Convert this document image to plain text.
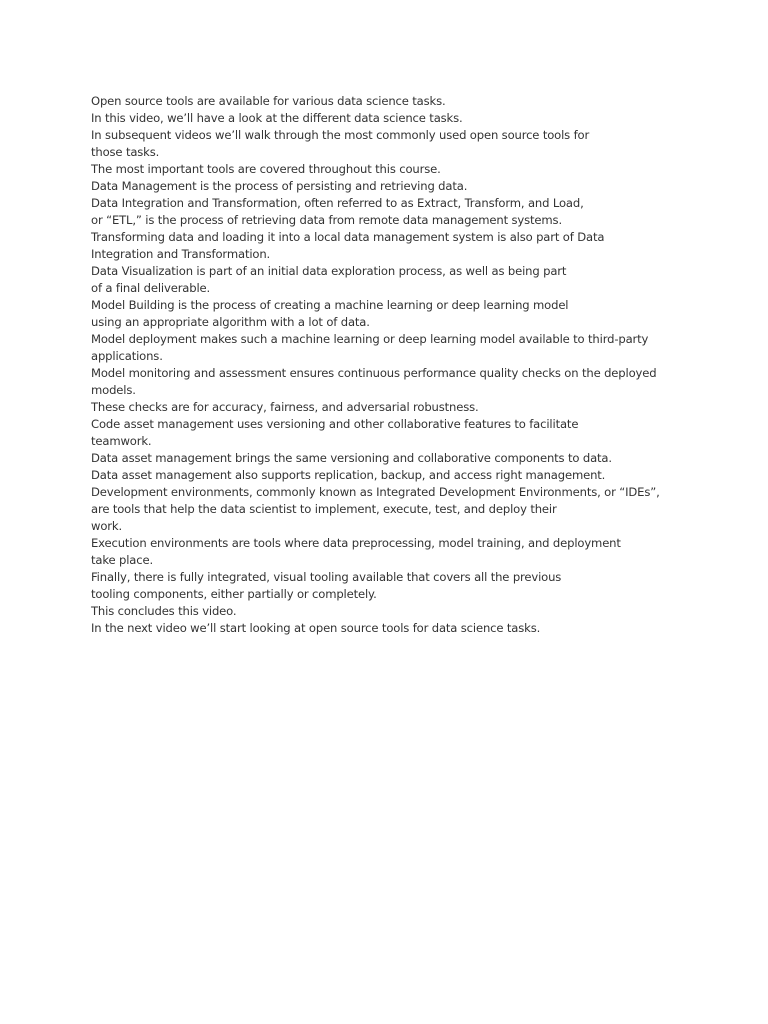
Open source tools are available for various data science tasks.
In this video, we’ll have a look at the different data science tasks.
In subsequent videos we’ll walk through the most commonly used open source tools for
those tasks.
The most important tools are covered throughout this course.
Data Management is the process of persisting and retrieving data.
Data Integration and Transformation, often referred to as Extract, Transform, and Load,
or “ETL,” is the process of retrieving data from remote data management systems.
Transforming data and loading it into a local data management system is also part of Data
Integration and Transformation.
Data Visualization is part of an initial data exploration process, as well as being part
of a final deliverable.
Model Building is the process of creating a machine learning or deep learning model
using an appropriate algorithm with a lot of data.
Model deployment makes such a machine learning or deep learning model available to third-party
applications.
Model monitoring and assessment ensures continuous performance quality checks on the deployed
models.
These checks are for accuracy, fairness, and adversarial robustness.
Code asset management uses versioning and other collaborative features to facilitate
teamwork.
Data asset management brings the same versioning and collaborative components to data.
Data asset management also supports replication, backup, and access right management.
Development environments, commonly known as Integrated Development Environments, or “IDEs”,
are tools that help the data scientist to implement, execute, test, and deploy their
work.
Execution environments are tools where data preprocessing, model training, and deployment
take place.
Finally, there is fully integrated, visual tooling available that covers all the previous
tooling components, either partially or completely.
This concludes this video.
In the next video we’ll start looking at open source tools for data science tasks.
